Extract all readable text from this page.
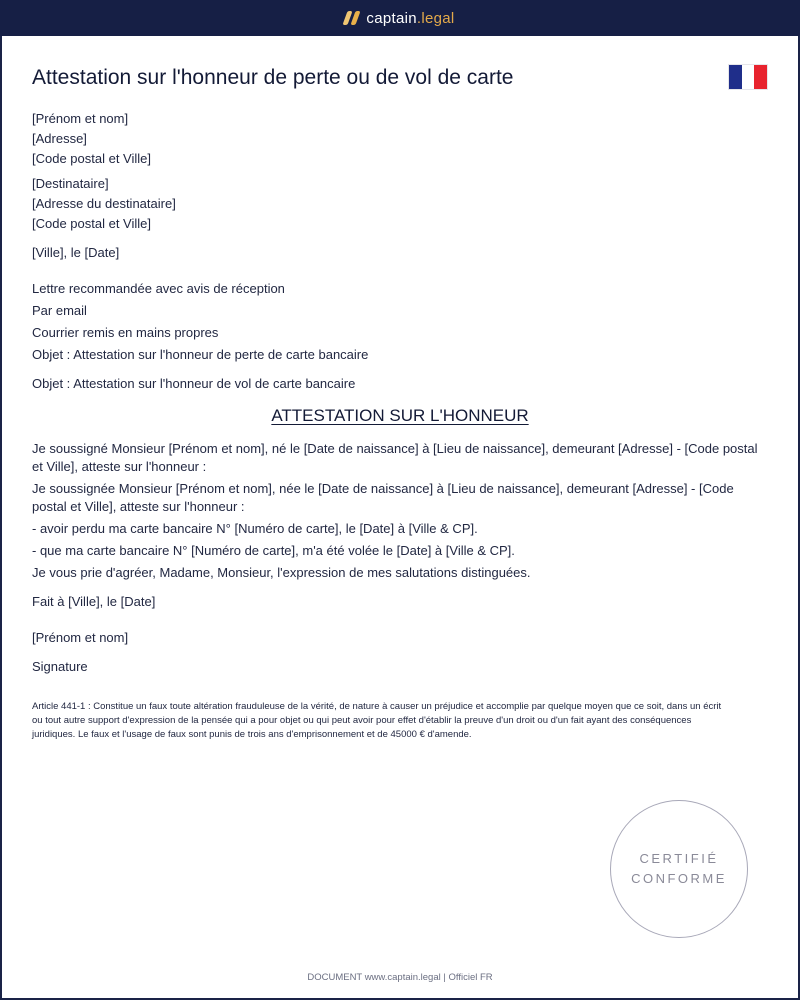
captain.legal
Attestation sur l'honneur de perte ou de vol de carte
[Prénom et nom]
[Adresse]
[Code postal et Ville]
[Destinataire]
[Adresse du destinataire]
[Code postal et Ville]
[Ville], le [Date]
Lettre recommandée avec avis de réception
Par email
Courrier remis en mains propres
Objet : Attestation sur l'honneur de perte de carte bancaire
Objet : Attestation sur l'honneur de vol de carte bancaire
ATTESTATION SUR L'HONNEUR
Je soussigné Monsieur [Prénom et nom], né le [Date de naissance] à [Lieu de naissance], demeurant [Adresse] - [Code postal et Ville], atteste sur l'honneur :
Je soussignée Monsieur [Prénom et nom], née le [Date de naissance] à [Lieu de naissance], demeurant [Adresse] - [Code postal et Ville], atteste sur l'honneur :
- avoir perdu ma carte bancaire N° [Numéro de carte], le [Date] à [Ville & CP].
- que ma carte bancaire N° [Numéro de carte], m'a été volée le [Date] à [Ville & CP].
Je vous prie d'agréer, Madame, Monsieur, l'expression de mes salutations distinguées.
Fait à [Ville], le [Date]
[Prénom et nom]
Signature
Article 441-1 : Constitue un faux toute altération frauduleuse de la vérité, de nature à causer un préjudice et accomplie par quelque moyen que ce soit, dans un écrit ou tout autre support d'expression de la pensée qui a pour objet ou qui peut avoir pour effet d'établir la preuve d'un droit ou d'un fait ayant des conséquences juridiques. Le faux et l'usage de faux sont punis de trois ans d'emprisonnement et de 45000 € d'amende.
CERTIFIÉ
CONFORME
DOCUMENT www.captain.legal | Officiel FR
